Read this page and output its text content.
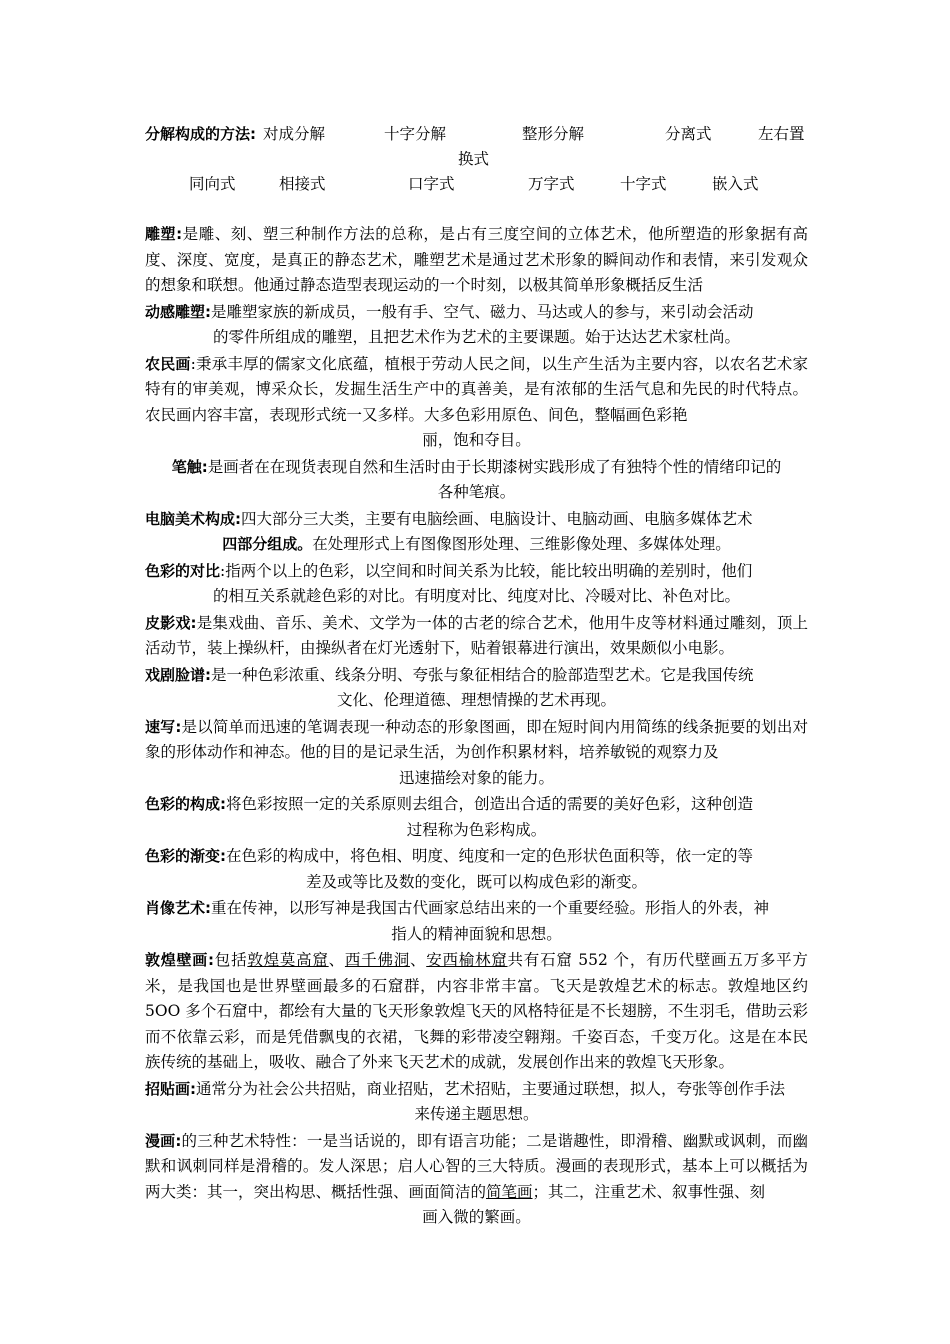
分解构成的方法: 对成分解	十字分解	整形分解	分离式	左右置
换式
同向式	相接式	口字式	万字式	十字式	嵌入式

雕塑:是雕、刻、塑三种制作方法的总称，是占有三度空间的立体艺术，他所塑造的形象据有高度、深度、宽度，是真正的静态艺术，雕塑艺术是通过艺术形象的瞬间动作和表情，来引发观众的想象和联想。他通过静态造型表现运动的一个时刻，以极其简单形象概括反生活

动感雕塑:是雕塑家族的新成员，一般有手、空气、磁力、马达或人的参与，来引动会活动
的零件所组成的雕塑，且把艺术作为艺术的主要课题。始于达达艺术家杜尚。

农民画:秉承丰厚的儒家文化底蕴，植根于劳动人民之间，以生产生活为主要内容，以农名艺术家特有的审美观，博采众长，发掘生活生产中的真善美，是有浓郁的生活气息和先民的时代特点。农民画内容丰富，表现形式统一又多样。大多色彩用原色、间色，整幅画色彩艳
丽，饱和夺目。

笔触:是画者在在现货表现自然和生活时由于长期漆树实践形成了有独特个性的情绪印记的
各种笔痕。

电脑美术构成:四大部分三大类，主要有电脑绘画、电脑设计、电脑动画、电脑多媒体艺术
四部分组成。在处理形式上有图像图形处理、三维影像处理、多媒体处理。

色彩的对比:指两个以上的色彩，以空间和时间关系为比较，能比较出明确的差别时，他们
的相互关系就趁色彩的对比。有明度对比、纯度对比、冷暖对比、补色对比。

皮影戏:是集戏曲、音乐、美术、文学为一体的古老的综合艺术，他用牛皮等材料通过雕刻，顶上活动节，装上操纵杆，由操纵者在灯光透射下，贴着银幕进行演出，效果颇似小电影。

戏剧脸谱:是一种色彩浓重、线条分明、夸张与象征相结合的脸部造型艺术。它是我国传统
文化、伦理道德、理想情操的艺术再现。

速写:是以简单而迅速的笔调表现一种动态的形象图画，即在短时间内用简练的线条扼要的划出对象的形体动作和神态。他的目的是记录生活，为创作积累材料，培养敏锐的观察力及
迅速描绘对象的能力。

色彩的构成:将色彩按照一定的关系原则去组合，创造出合适的需要的美好色彩，这种创造
过程称为色彩构成。

色彩的渐变:在色彩的构成中，将色相、明度、纯度和一定的色形状色面积等，依一定的等
差及或等比及数的变化，既可以构成色彩的渐变。

肖像艺术:重在传神，以形写神是我国古代画家总结出来的一个重要经验。形指人的外表，神
指人的精神面貌和思想。

敦煌壁画:包括敦煌莫高窟、西千佛洞、安西榆林窟共有石窟 552 个，有历代壁画五万多平方米，是我国也是世界壁画最多的石窟群，内容非常丰富。飞天是敦煌艺术的标志。敦煌地区约 5OO 多个石窟中，都绘有大量的飞天形象敦煌飞天的风格特征是不长翅膀，不生羽毛，借助云彩而不依靠云彩，而是凭借飘曳的衣裙，飞舞的彩带凌空翱翔。千姿百态，千变万化。这是在本民族传统的基础上，吸收、融合了外来飞天艺术的成就，发展创作出来的敦煌飞天形象。

招贴画:通常分为社会公共招贴，商业招贴，艺术招贴，主要通过联想，拟人，夸张等创作手法
来传递主题思想。

漫画:的三种艺术特性：一是当话说的，即有语言功能；二是谐趣性，即滑稽、幽默或讽刺，而幽默和讽刺同样是滑稽的。发人深思；启人心智的三大特质。漫画的表现形式，基本上可以概括为两大类：其一，突出构思、概括性强、画面简洁的简笔画；其二，注重艺术、叙事性强、刻
画入微的繁画。
